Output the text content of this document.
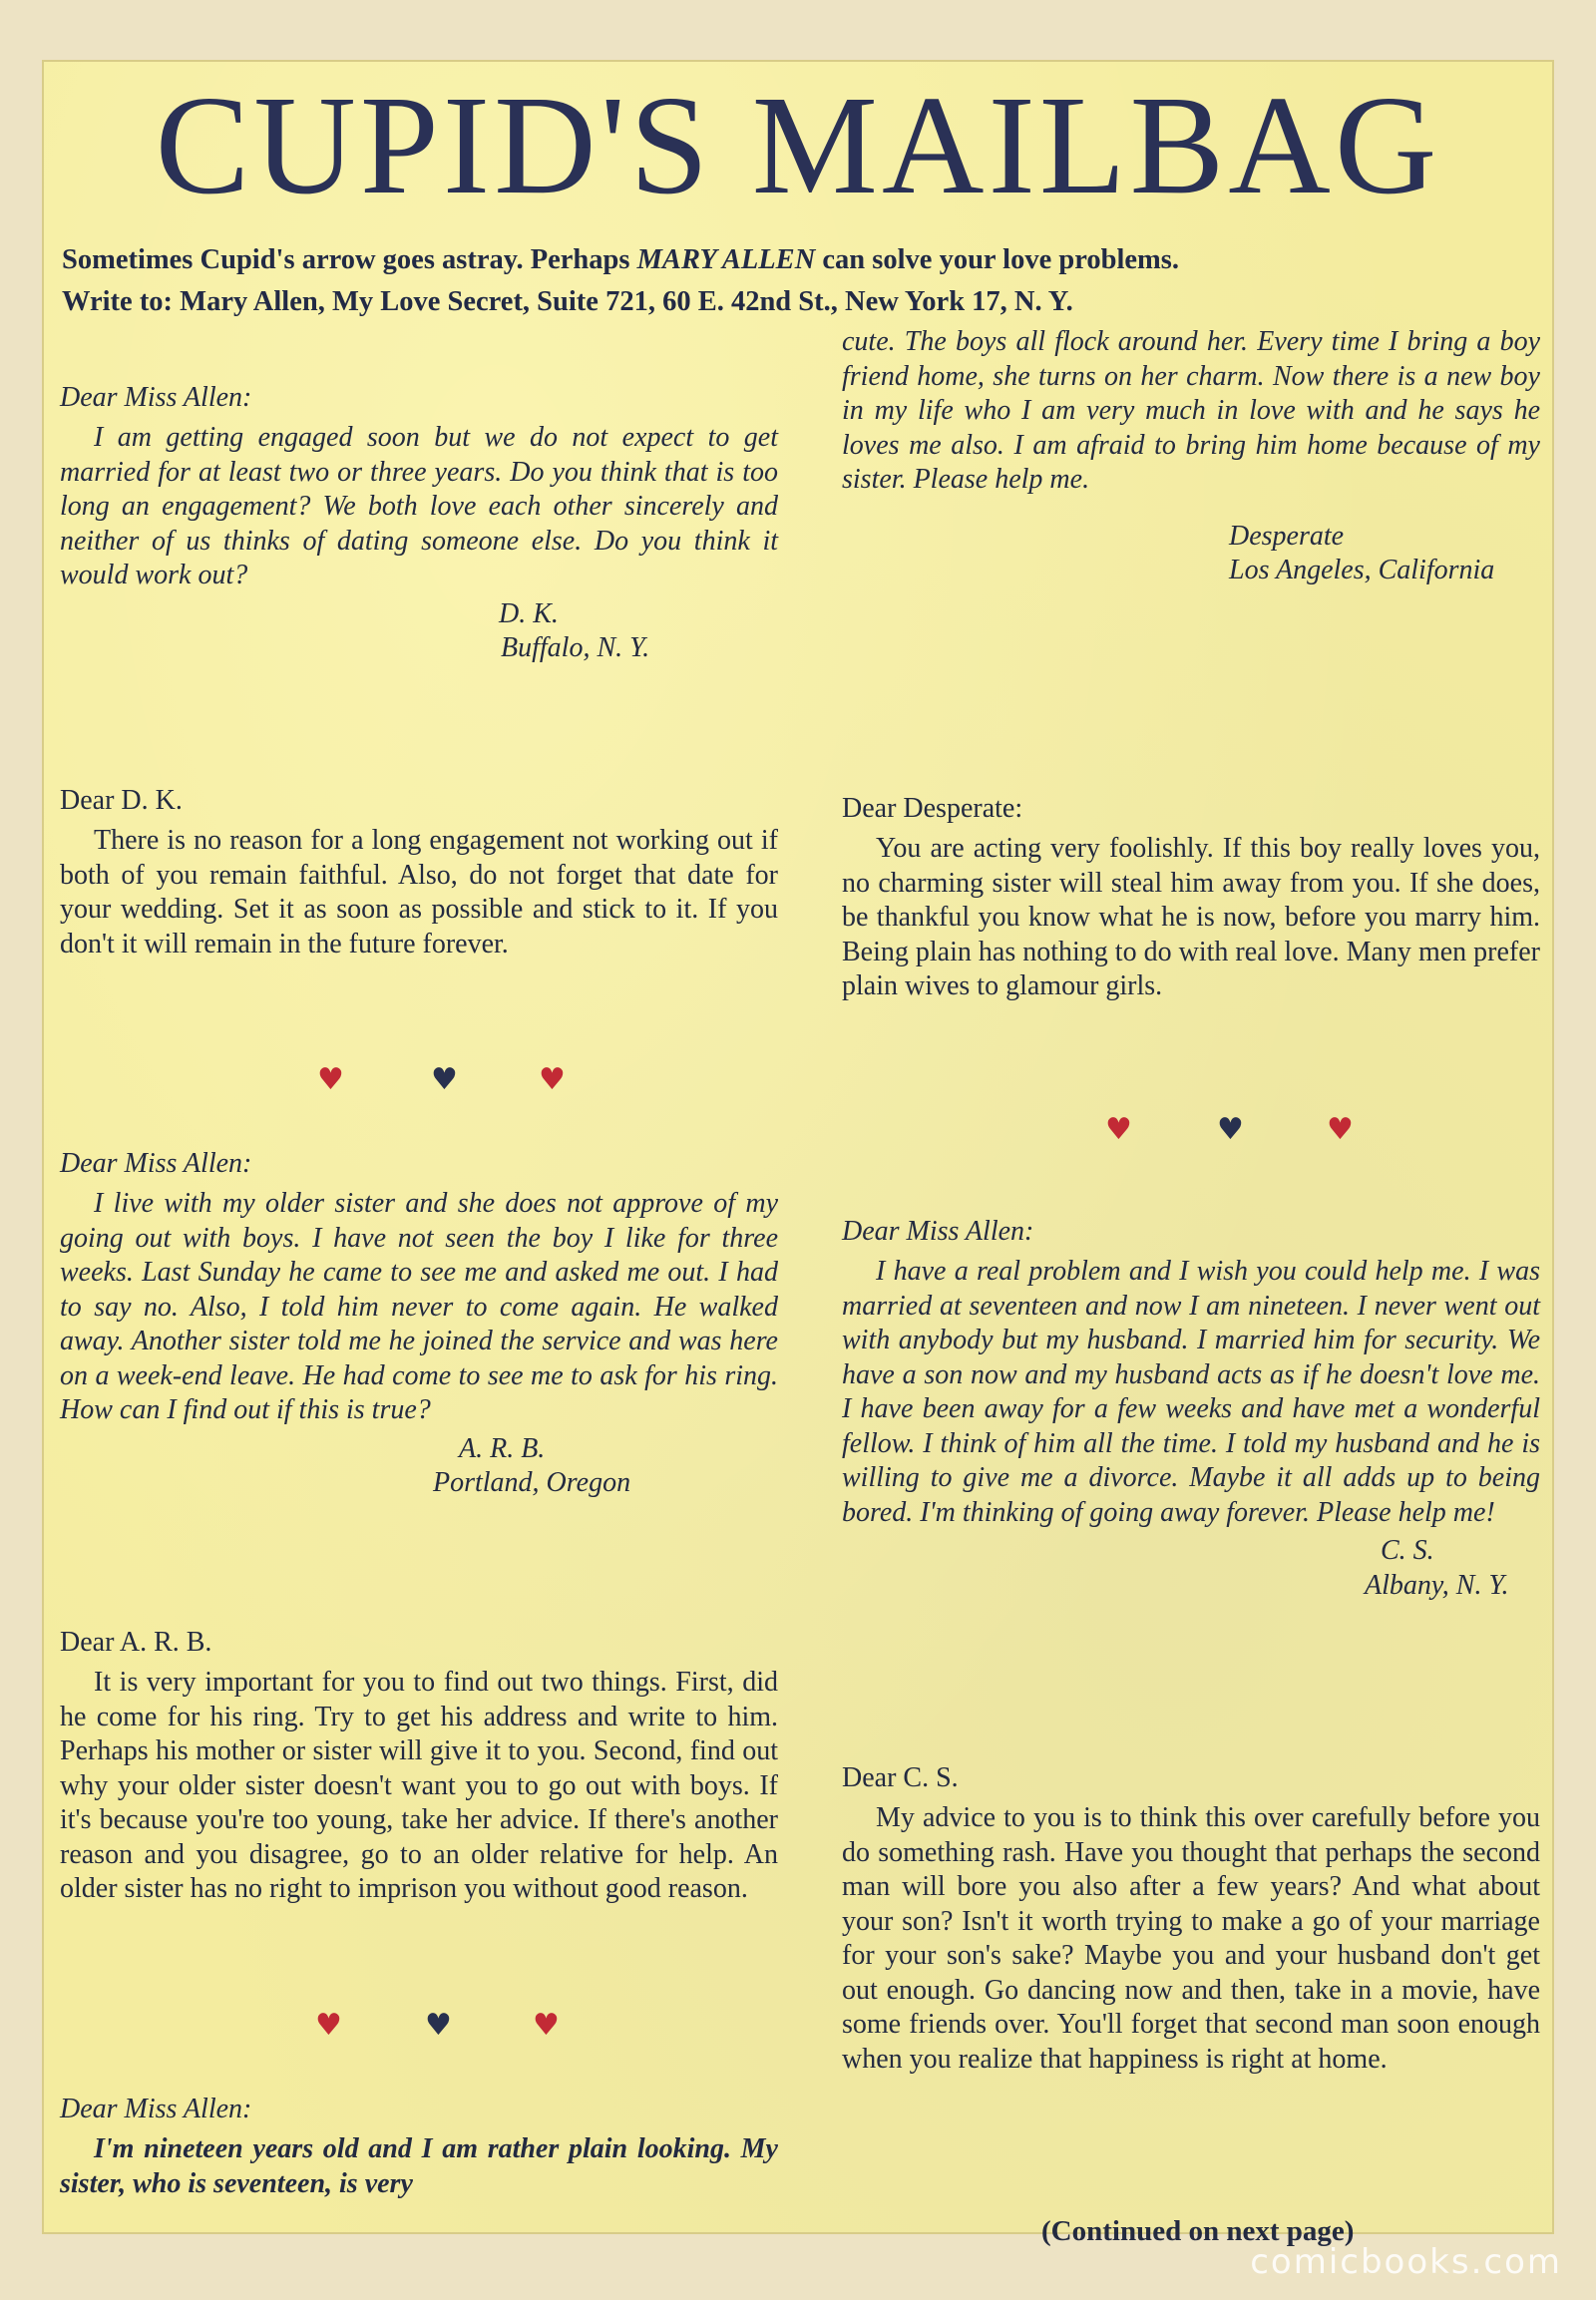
CUPID'S MAILBAG

Sometimes Cupid's arrow goes astray. Perhaps MARY ALLEN can solve your love problems.

Write to: Mary Allen, My Love Secret, Suite 721, 60 E. 42nd St., New York 17, N. Y.

Dear Miss Allen:

I am getting engaged soon but we do not expect to get married for at least two or three years. Do you think that is too long an engagement? We both love each other sincerely and neither of us thinks of dating someone else. Do you think it would work out?

D. K.
Buffalo, N. Y.

Dear D. K.

There is no reason for a long engagement not working out if both of you remain faithful. Also, do not forget that date for your wedding. Set it as soon as possible and stick to it. If you don't it will remain in the future forever.

♥	♥	♥

Dear Miss Allen:

I live with my older sister and she does not approve of my going out with boys. I have not seen the boy I like for three weeks. Last Sunday he came to see me and asked me out. I had to say no. Also, I told him never to come again. He walked away. Another sister told me he joined the service and was here on a week-end leave. He had come to see me to ask for his ring. How can I find out if this is true?

A. R. B.
Portland, Oregon

Dear A. R. B.

It is very important for you to find out two things. First, did he come for his ring. Try to get his address and write to him. Perhaps his mother or sister will give it to you. Second, find out why your older sister doesn't want you to go out with boys. If it's because you're too young, take her advice. If there's another reason and you disagree, go to an older relative for help. An older sister has no right to imprison you without good reason.

♥	♥	♥

Dear Miss Allen:

I'm nineteen years old and I am rather plain looking. My sister, who is seventeen, is very

cute. The boys all flock around her. Every time I bring a boy friend home, she turns on her charm. Now there is a new boy in my life who I am very much in love with and he says he loves me also. I am afraid to bring him home because of my sister. Please help me.

Desperate
Los Angeles, California

Dear Desperate:

You are acting very foolishly. If this boy really loves you, no charming sister will steal him away from you. If she does, be thankful you know what he is now, before you marry him. Being plain has nothing to do with real love. Many men prefer plain wives to glamour girls.

♥	♥	♥

Dear Miss Allen:

I have a real problem and I wish you could help me. I was married at seventeen and now I am nineteen. I never went out with anybody but my husband. I married him for security. We have a son now and my husband acts as if he doesn't love me. I have been away for a few weeks and have met a wonderful fellow. I think of him all the time. I told my husband and he is willing to give me a divorce. Maybe it all adds up to being bored. I'm thinking of going away forever. Please help me!

C. S.
Albany, N. Y.

Dear C. S.

My advice to you is to think this over carefully before you do something rash. Have you thought that perhaps the second man will bore you also after a few years? And what about your son? Isn't it worth trying to make a go of your marriage for your son's sake? Maybe you and your husband don't get out enough. Go dancing now and then, take in a movie, have some friends over. You'll forget that second man soon enough when you realize that happiness is right at home.

(Continued on next page)
comicbooks.com
